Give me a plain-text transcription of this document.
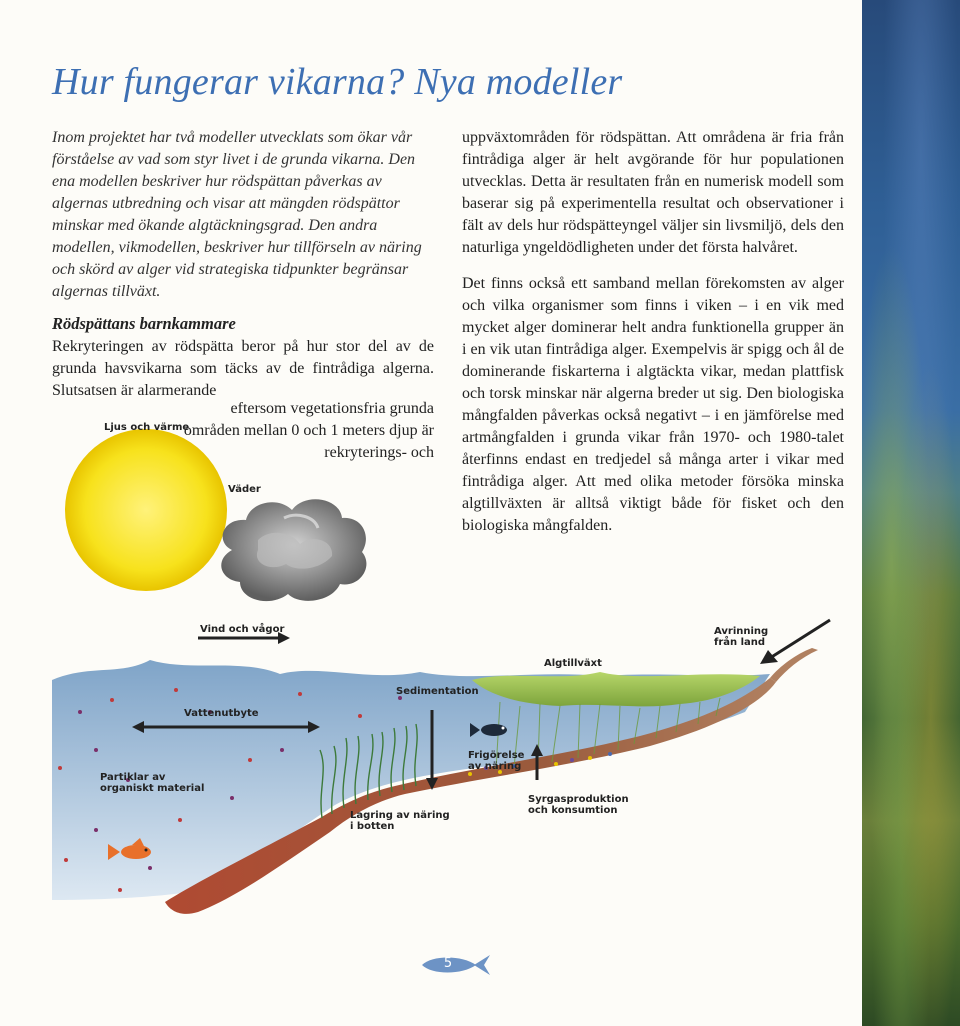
Hur fungerar vikarna? Nya modeller

Inom projektet har två modeller utvecklats som ökar vår förståelse av vad som styr livet i de grunda vikarna. Den ena modellen beskriver hur rödspättan påverkas av algernas utbredning och visar att mängden rödspättor minskar med ökande algtäckningsgrad. Den andra modellen, vikmodellen, beskriver hur tillförseln av näring och skörd av alger vid strategiska tidpunkter begränsar algernas tillväxt.

Rödspättans barnkammare

Rekryteringen av rödspätta beror på hur stor del av de grunda havsvikarna som täcks av de fintrådiga algerna. Slutsatsen är alarmerande

eftersom vegetationsfria grunda områden mellan 0 och 1 meters djup är rekryterings- och

uppväxtområden för rödspättan. Att områdena är fria från fintrådiga alger är helt avgörande för hur populationen utvecklas. Detta är resultaten från en numerisk modell som baserar sig på experimentella resultat och observationer i fält av dels hur rödspätteyngel väljer sin livsmiljö, dels den naturliga yngeldödligheten under det första halvåret.

Det finns också ett samband mellan förekomsten av alger och vilka organismer som finns i viken – i en vik med mycket alger dominerar helt andra funktionella grupper än i en vik utan fintrådiga alger. Exempelvis är spigg och ål de dominerande fiskarterna i algtäckta vikar, medan plattfisk och torsk minskar när algerna breder ut sig. Den biologiska mångfalden påverkas också negativt – i en jämförelse med artmångfalden i grunda vikar från 1970- och 1980-talet återfinns endast en tredjedel så många arter i vikar med fintrådiga alger. Att med olika metoder försöka minska algtillväxten är alltså viktigt både för fisket och den biologiska mångfalden.

Ljus och värme
Väder
Vind och vågor	Avrinning från land
Algtillväxt
Sedimentation
Vattenutbyte
Frigörelse av näring
Partiklar av organiskt material
Syrgasproduktion och konsumtion
Lagring av näring i botten
5
